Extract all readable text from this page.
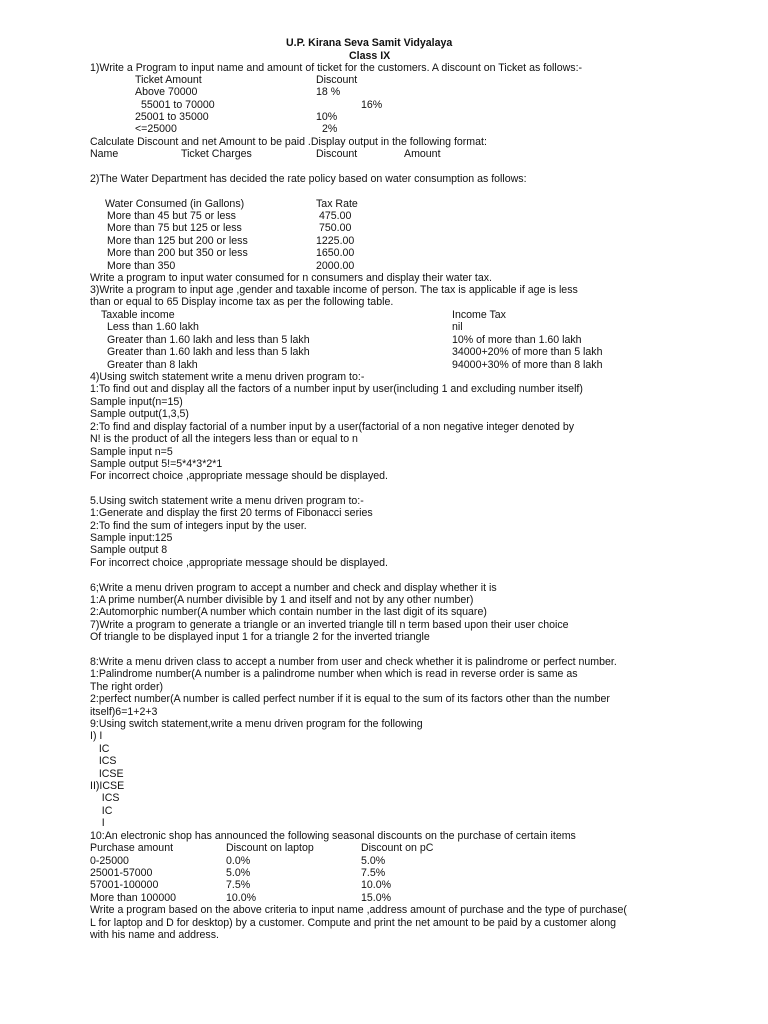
U.P. Kirana Seva Samit Vidyalaya
Class IX
1)Write a Program to input name and amount of ticket for the customers. A discount on Ticket as follows:-
Ticket Amount	Discount
Above 70000	18 %
55001 to 70000	16%
25001 to 35000	10%
<=25000	2%
Calculate Discount and net Amount to be paid .Display output in the following format:
Name	Ticket Charges	Discount	Amount
2)The Water Department has decided the rate policy based on water consumption as follows:
Water Consumed (in Gallons)	Tax Rate
More than 45 but 75 or less	475.00
More than 75 but 125 or less	750.00
More than 125 but 200 or less	1225.00
More than 200 but 350 or less	1650.00
More than 350	2000.00
Write a program to input water consumed for n consumers and display their water tax.
3)Write a program to input age ,gender and taxable income of person. The tax is applicable if age is less
than or equal to 65 Display income tax as per the following table.
Taxable income	Income Tax
Less than 1.60 lakh	nil
Greater than 1.60 lakh and less than 5 lakh	10% of more than 1.60 lakh
Greater than 1.60 lakh and less than 5 lakh	34000+20% of more than 5 lakh
Greater than 8 lakh	94000+30% of more than 8 lakh
4)Using switch statement write a menu driven program to:-
1:To find out and display all the factors of a number input by user(including 1 and excluding number itself)
Sample input(n=15)
Sample output(1,3,5)
2:To find and display factorial of a number input by a user(factorial of a non negative integer denoted by
N! is the product of all the integers less than or equal to n
Sample input n=5
Sample output 5!=5*4*3*2*1
For incorrect choice ,appropriate message should be displayed.
5.Using switch statement write a menu driven program to:-
1:Generate and display the first 20 terms of Fibonacci series
2:To find the sum of integers input by the user.
Sample input:125
Sample output 8
For incorrect choice ,appropriate message should be displayed.
6;Write a menu driven program to accept a number and check and display whether it is
1:A prime number(A number divisible by 1 and itself and not by any other number)
2:Automorphic number(A number which contain number in the last digit of its square)
7)Write a program to generate a triangle or an inverted triangle till n term based upon their user choice
Of triangle to be displayed input 1 for a triangle 2 for the inverted triangle
8:Write a menu driven class to accept a number from user and check whether it is palindrome or perfect number.
1:Palindrome number(A number is a palindrome number when which is read in reverse order is same as
The right order)
2:perfect number(A number is called perfect number if it is equal to the sum of its factors other than the number
itself)6=1+2+3
9:Using switch statement,write a menu driven program for the following
I) I
IC
ICS
ICSE
II)ICSE
ICS
IC
I
10:An electronic shop has announced the following seasonal discounts on the purchase of certain items
Purchase amount	Discount on laptop	Discount on pC
0-25000	0.0%	5.0%
25001-57000	5.0%	7.5%
57001-100000	7.5%	10.0%
More than 100000	10.0%	15.0%
Write a program based on the above criteria to input name ,address amount of purchase and the type of purchase(
L for laptop and D for desktop) by a customer. Compute and print the net amount to be paid by a customer along
with his name and address.
